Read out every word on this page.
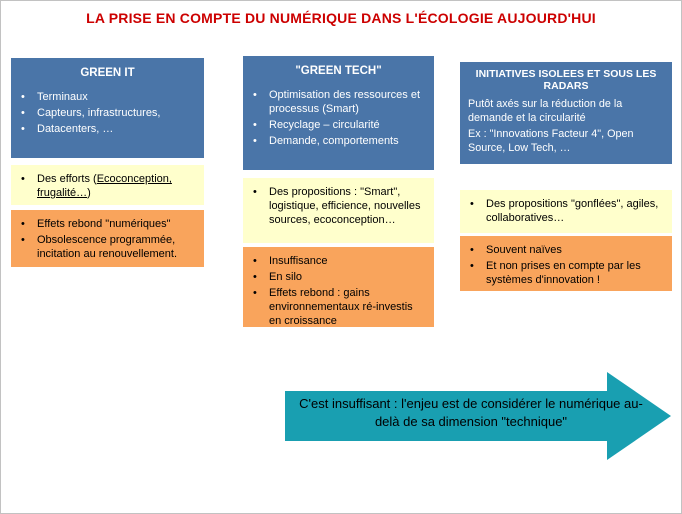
LA PRISE EN COMPTE DU NUMÉRIQUE DANS L'ÉCOLOGIE AUJOURD'HUI
GREEN IT
• Terminaux
• Capteurs, infrastructures,
• Datacenters, …
• Des efforts (Ecoconception, frugalité…)
• Effets rebond "numériques"
• Obsolescence programmée, incitation au renouvellement.
"GREEN TECH"
• Optimisation des ressources et processus (Smart)
• Recyclage – circularité
• Demande, comportements
• Des propositions : "Smart", logistique, efficience, nouvelles sources, ecoconception…
• Insuffisance
• En silo
• Effets rebond : gains environnementaux ré-investis en croissance
INITIATIVES ISOLEES ET SOUS LES RADARS

Putôt axés sur la réduction de la demande et la circularité

Ex : "Innovations Facteur 4", Open Source, Low Tech, …

• Des propositions "gonflées", agiles, collaboratives…
• Souvent naïves
• Et non prises en compte par les systèmes d'innovation !
C'est insuffisant : l'enjeu est de considérer le numérique au-delà de sa dimension "technique"
